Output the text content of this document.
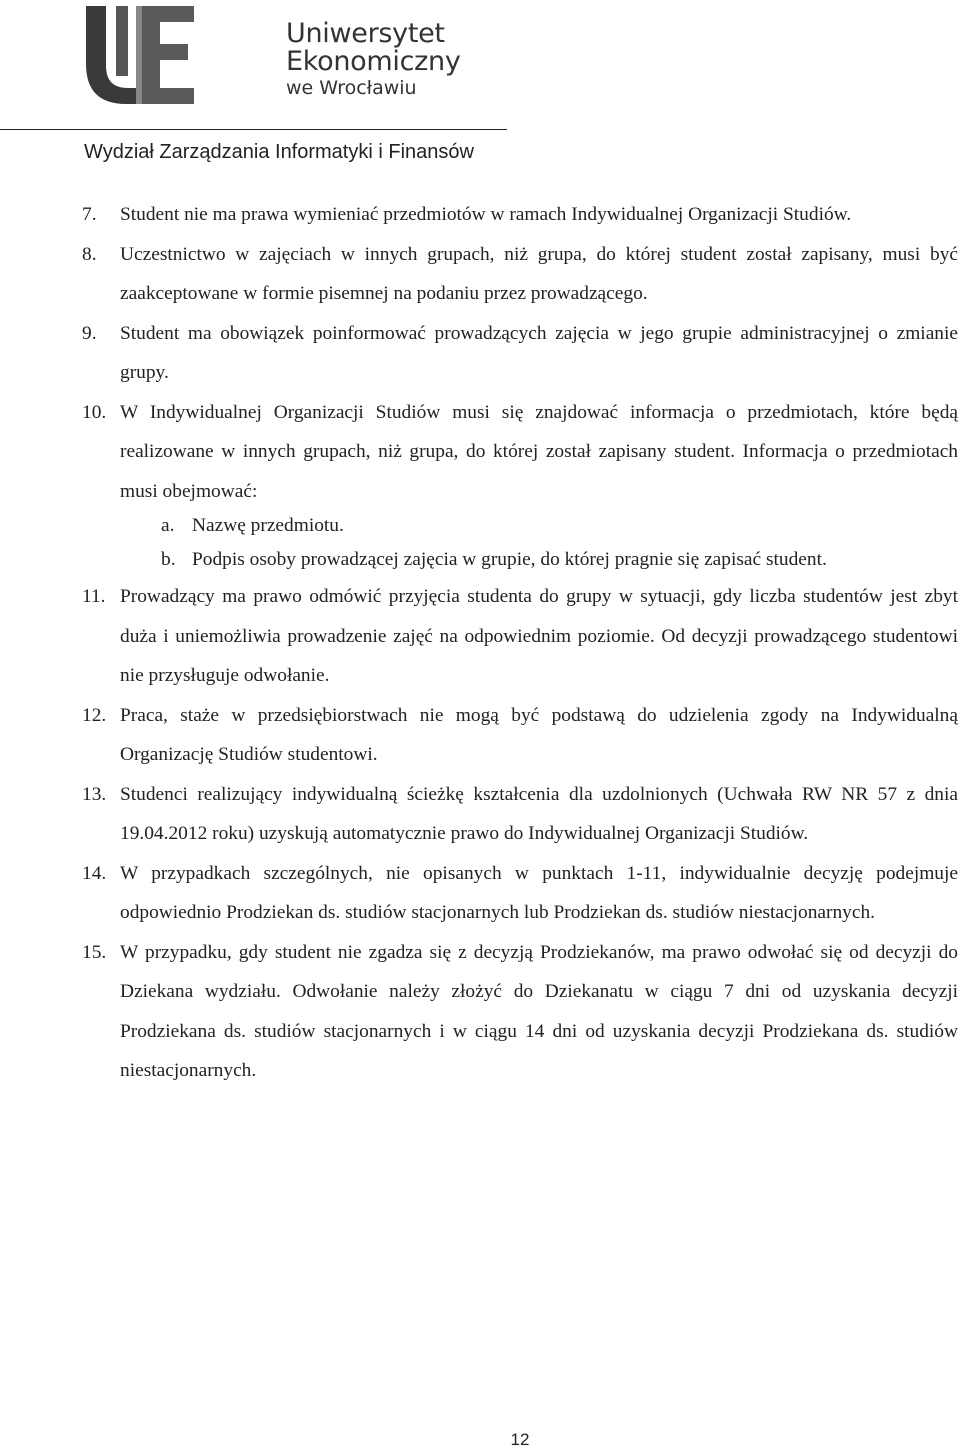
Uniwersytet Ekonomiczny
we Wrocławiu
Wydział Zarządzania Informatyki i Finansów
7. Student nie ma prawa wymieniać przedmiotów w ramach Indywidualnej Organizacji Studiów.
8. Uczestnictwo w zajęciach w innych grupach, niż grupa, do której student został zapisany, musi być zaakceptowane w formie pisemnej na podaniu przez prowadzącego.
9. Student ma obowiązek poinformować prowadzących zajęcia w jego grupie administracyjnej o zmianie grupy.
10. W Indywidualnej Organizacji Studiów musi się znajdować informacja o przedmiotach, które będą realizowane w innych grupach, niż grupa, do której został zapisany student. Informacja o przedmiotach musi obejmować:
a. Nazwę przedmiotu.
b. Podpis osoby prowadzącej zajęcia w grupie, do której pragnie się zapisać student.
11. Prowadzący ma prawo odmówić przyjęcia studenta do grupy w sytuacji, gdy liczba studentów jest zbyt duża i uniemożliwia prowadzenie zajęć na odpowiednim poziomie. Od decyzji prowadzącego studentowi nie przysługuje odwołanie.
12. Praca, staże w przedsiębiorstwach nie mogą być podstawą do udzielenia zgody na Indywidualną Organizację Studiów studentowi.
13. Studenci realizujący indywidualną ścieżkę kształcenia dla uzdolnionych (Uchwała RW NR 57 z dnia 19.04.2012 roku) uzyskują automatycznie prawo do Indywidualnej Organizacji Studiów.
14. W przypadkach szczególnych, nie opisanych w punktach 1-11, indywidualnie decyzję podejmuje odpowiednio Prodziekan ds. studiów stacjonarnych lub Prodziekan ds. studiów niestacjonarnych.
15. W przypadku, gdy student nie zgadza się z decyzją Prodziekanów, ma prawo odwołać się od decyzji do Dziekana wydziału. Odwołanie należy złożyć do Dziekanatu w ciągu 7 dni od uzyskania decyzji Prodziekana ds. studiów stacjonarnych i w ciągu 14 dni od uzyskania decyzji Prodziekana ds. studiów niestacjonarnych.
12
